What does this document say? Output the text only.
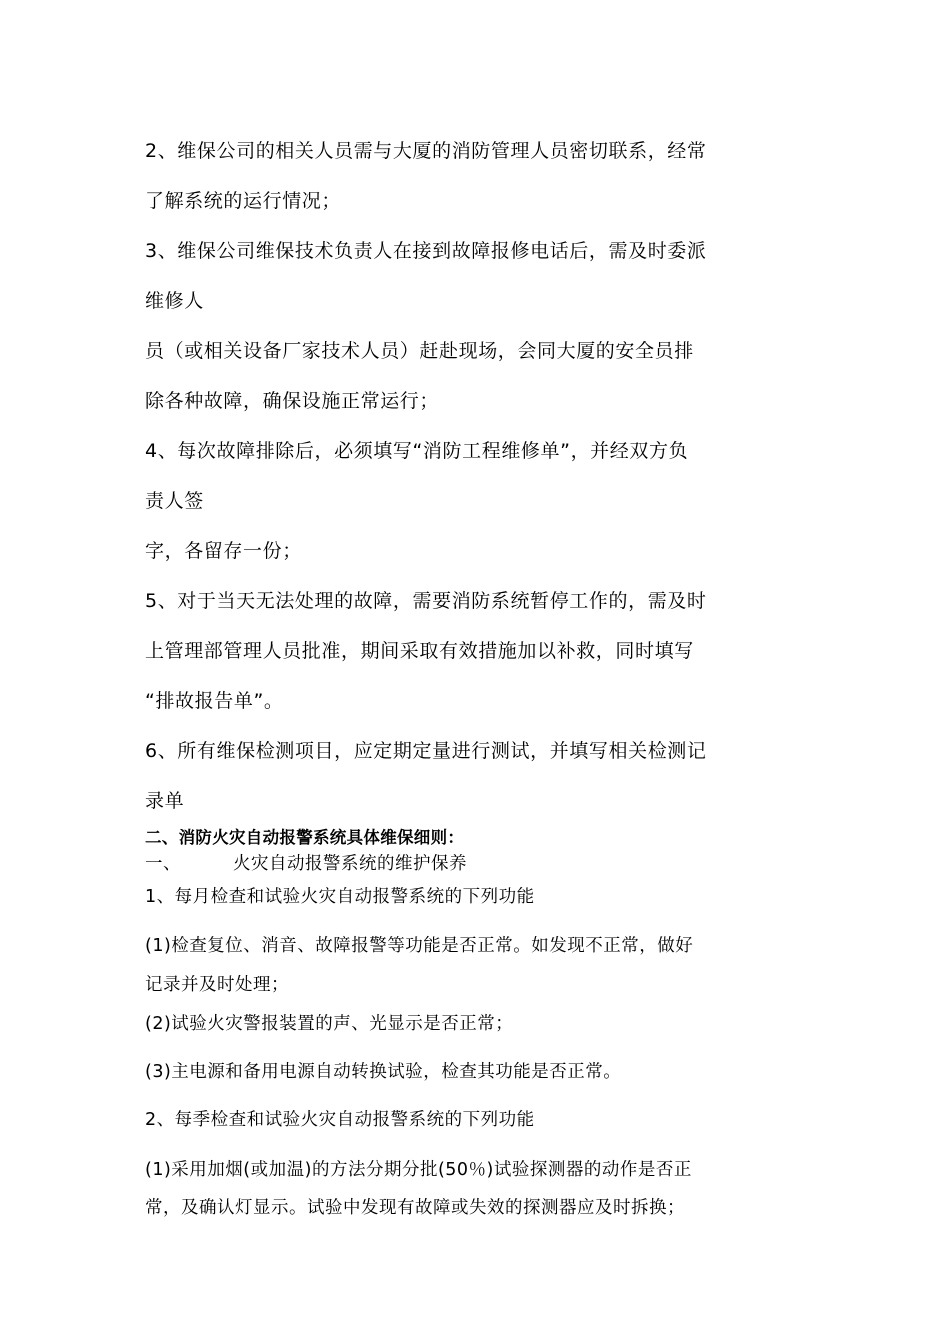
2、维保公司的相关人员需与大厦的消防管理人员密切联系，经常

了解系统的运行情况；

3、维保公司维保技术负责人在接到故障报修电话后，需及时委派

维修人

员（或相关设备厂家技术人员）赶赴现场，会同大厦的安全员排

除各种故障，确保设施正常运行；

4、每次故障排除后，必须填写“消防工程维修单”，并经双方负

责人签

字，各留存一份；

5、对于当天无法处理的故障，需要消防系统暂停工作的，需及时

上管理部管理人员批准，期间采取有效措施加以补救，同时填写

“排故报告单”。

6、所有维保检测项目，应定期定量进行测试，并填写相关检测记

录单

二、消防火灾自动报警系统具体维保细则：

一、	火灾自动报警系统的维护保养

1、每月检查和试验火灾自动报警系统的下列功能

(1)检查复位、消音、故障报警等功能是否正常。如发现不正常，做好

记录并及时处理；

(2)试验火灾警报装置的声、光显示是否正常；

(3)主电源和备用电源自动转换试验，检查其功能是否正常。

2、每季检查和试验火灾自动报警系统的下列功能

(1)采用加烟(或加温)的方法分期分批(50％)试验探测器的动作是否正

常，及确认灯显示。试验中发现有故障或失效的探测器应及时拆换；
